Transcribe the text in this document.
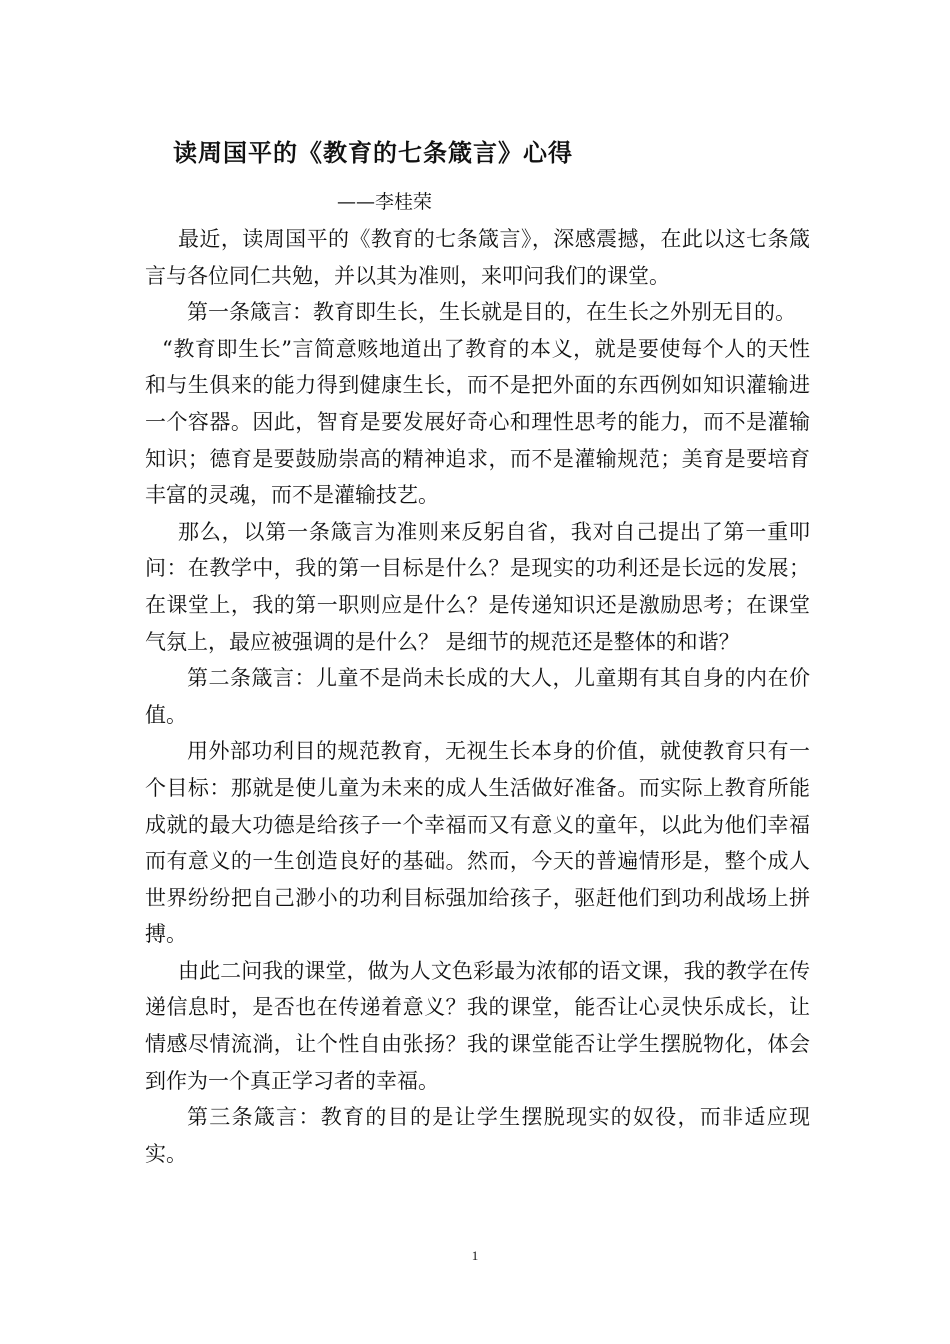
读周国平的《教育的七条箴言》心得
——李桂荣

最近，读周国平的《教育的七条箴言》，深感震撼，在此以这七条箴言与各位同仁共勉，并以其为准则，来叩问我们的课堂。

第一条箴言：教育即生长，生长就是目的，在生长之外别无目的。

“教育即生长”言简意赅地道出了教育的本义，就是要使每个人的天性和与生俱来的能力得到健康生长，而不是把外面的东西例如知识灌输进一个容器。因此，智育是要发展好奇心和理性思考的能力，而不是灌输知识；德育是要鼓励崇高的精神追求，而不是灌输规范；美育是要培育丰富的灵魂，而不是灌输技艺。

那么，以第一条箴言为准则来反躬自省，我对自己提出了第一重叩问：在教学中，我的第一目标是什么？是现实的功利还是长远的发展；在课堂上，我的第一职则应是什么？是传递知识还是激励思考；在课堂气氛上，最应被强调的是什么？ 是细节的规范还是整体的和谐？

第二条箴言：儿童不是尚未长成的大人，儿童期有其自身的内在价值。

用外部功利目的规范教育，无视生长本身的价值，就使教育只有一个目标：那就是使儿童为未来的成人生活做好准备。而实际上教育所能成就的最大功德是给孩子一个幸福而又有意义的童年，以此为他们幸福而有意义的一生创造良好的基础。然而，今天的普遍情形是，整个成人世界纷纷把自己渺小的功利目标强加给孩子，驱赶他们到功利战场上拼搏。

由此二问我的课堂，做为人文色彩最为浓郁的语文课，我的教学在传递信息时，是否也在传递着意义？我的课堂，能否让心灵快乐成长，让情感尽情流淌，让个性自由张扬？我的课堂能否让学生摆脱物化，体会到作为一个真正学习者的幸福。

第三条箴言：教育的目的是让学生摆脱现实的奴役，而非适应现实。

1
